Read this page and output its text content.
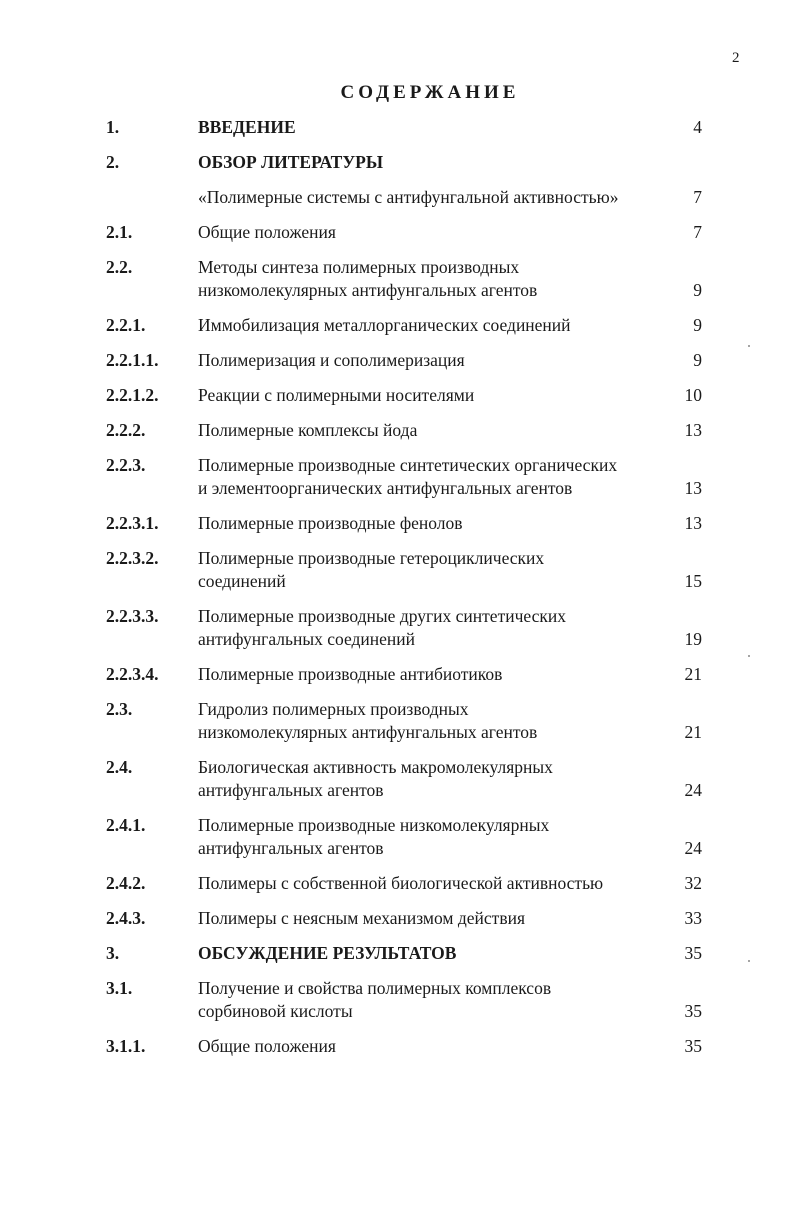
2
СОДЕРЖАНИЕ
1.	ВВЕДЕНИЕ	4
2.	ОБЗОР ЛИТЕРАТУРЫ
«Полимерные системы с антифунгальной активностью»	7
2.1.	Общие положения	7
2.2.	Методы синтеза полимерных производных
низкомолекулярных антифунгальных агентов	9
2.2.1.	Иммобилизация металлорганических соединений	9
2.2.1.1.	Полимеризация и сополимеризация	9
2.2.1.2.	Реакции с полимерными носителями	10
2.2.2.	Полимерные комплексы йода	13
2.2.3.	Полимерные производные синтетических органических
и элементоорганических антифунгальных агентов	13
2.2.3.1.	Полимерные производные фенолов	13
2.2.3.2.	Полимерные производные гетероциклических
соединений	15
2.2.3.3.	Полимерные производные других синтетических
антифунгальных соединений	19
2.2.3.4.	Полимерные производные антибиотиков	21
2.3.	Гидролиз полимерных производных
низкомолекулярных антифунгальных агентов	21
2.4.	Биологическая активность макромолекулярных
антифунгальных агентов	24
2.4.1.	Полимерные производные низкомолекулярных
антифунгальных агентов	24
2.4.2.	Полимеры с собственной биологической активностью	32
2.4.3.	Полимеры с неясным механизмом действия	33
3.	ОБСУЖДЕНИЕ РЕЗУЛЬТАТОВ	35
3.1.	Получение и свойства полимерных комплексов
сорбиновой кислоты	35
3.1.1.	Общие положения	35
